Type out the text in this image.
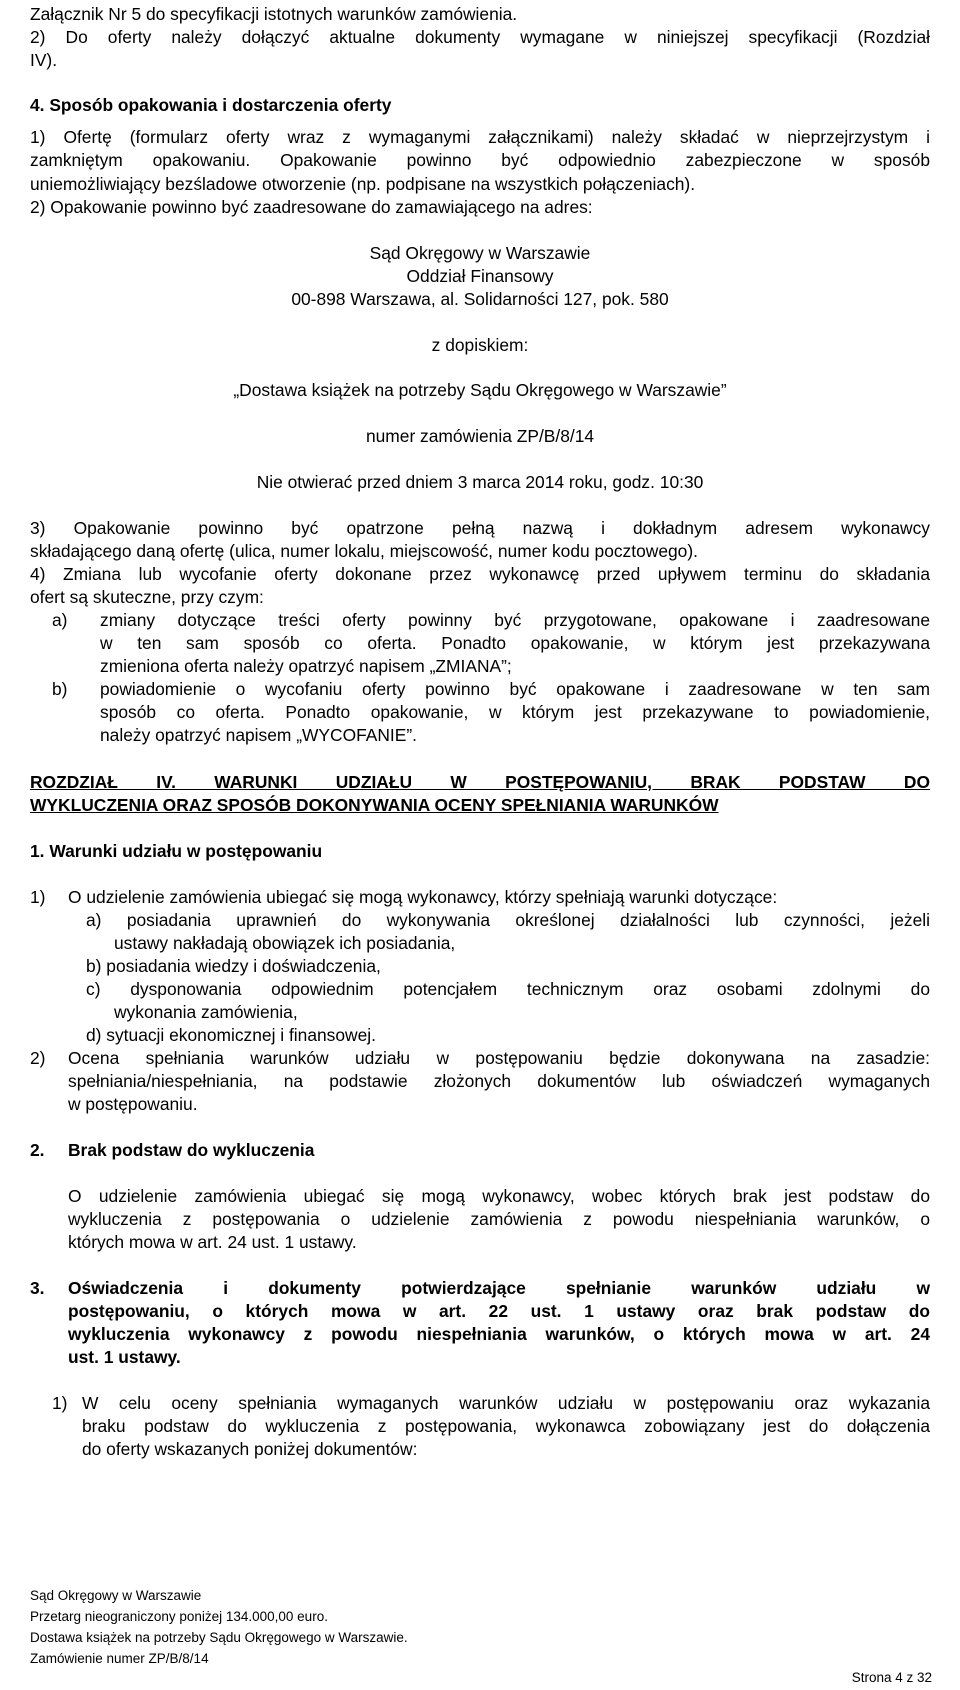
Załącznik Nr 5 do specyfikacji istotnych warunków zamówienia.
2) Do oferty należy dołączyć aktualne dokumenty wymagane w niniejszej specyfikacji (Rozdział
IV).
4. Sposób opakowania i dostarczenia oferty
1) Ofertę (formularz oferty wraz z wymaganymi załącznikami) należy składać w nieprzejrzystym i
zamkniętym opakowaniu. Opakowanie powinno być odpowiednio zabezpieczone w sposób
uniemożliwiający bezśladowe otworzenie (np. podpisane na wszystkich połączeniach).
2) Opakowanie powinno być zaadresowane do zamawiającego na adres:
Sąd Okręgowy w Warszawie
Oddział Finansowy
00-898 Warszawa, al. Solidarności 127, pok. 580
z dopiskiem:
„Dostawa książek na potrzeby Sądu Okręgowego w Warszawie”
numer zamówienia ZP/B/8/14
Nie otwierać przed dniem 3 marca 2014 roku, godz. 10:30
3) Opakowanie powinno być opatrzone pełną nazwą i dokładnym adresem wykonawcy
składającego daną ofertę (ulica, numer lokalu, miejscowość, numer kodu pocztowego).
4) Zmiana lub wycofanie oferty dokonane przez wykonawcę przed upływem terminu do składania
ofert są skuteczne, przy czym:
a) zmiany dotyczące treści oferty powinny być przygotowane, opakowane i zaadresowane
w ten sam sposób co oferta. Ponadto opakowanie, w którym jest przekazywana
zmieniona oferta należy opatrzyć napisem „ZMIANA”;
b) powiadomienie o wycofaniu oferty powinno być opakowane i zaadresowane w ten sam
sposób co oferta. Ponadto opakowanie, w którym jest przekazywane to powiadomienie,
należy opatrzyć napisem „WYCOFANIE”.
ROZDZIAŁ IV. WARUNKI UDZIAŁU W POSTĘPOWANIU, BRAK PODSTAW DO
WYKLUCZENIA ORAZ SPOSÓB DOKONYWANIA OCENY SPEŁNIANIA WARUNKÓW
1. Warunki udziału w postępowaniu
1) O udzielenie zamówienia ubiegać się mogą wykonawcy, którzy spełniają warunki dotyczące:
a) posiadania uprawnień do wykonywania określonej działalności lub czynności, jeżeli
ustawy nakładają obowiązek ich posiadania,
b) posiadania wiedzy i doświadczenia,
c) dysponowania odpowiednim potencjałem technicznym oraz osobami zdolnymi do
wykonania zamówienia,
d) sytuacji ekonomicznej i finansowej.
2) Ocena spełniania warunków udziału w postępowaniu będzie dokonywana na zasadzie:
spełniania/niespełniania, na podstawie złożonych dokumentów lub oświadczeń wymaganych
w postępowaniu.
2. Brak podstaw do wykluczenia
O udzielenie zamówienia ubiegać się mogą wykonawcy, wobec których brak jest podstaw do
wykluczenia z postępowania o udzielenie zamówienia z powodu niespełniania warunków, o
których mowa w art. 24 ust. 1 ustawy.
3. Oświadczenia i dokumenty potwierdzające spełnianie warunków udziału w
postępowaniu, o których mowa w art. 22 ust. 1 ustawy oraz brak podstaw do
wykluczenia wykonawcy z powodu niespełniania warunków, o których mowa w art. 24
ust. 1 ustawy.
1) W celu oceny spełniania wymaganych warunków udziału w postępowaniu oraz wykazania
braku podstaw do wykluczenia z postępowania, wykonawca zobowiązany jest do dołączenia
do oferty wskazanych poniżej dokumentów:
Sąd Okręgowy w Warszawie
Przetarg nieograniczony poniżej 134.000,00 euro.
Dostawa książek na potrzeby Sądu Okręgowego w Warszawie.
Zamówienie numer ZP/B/8/14
Strona 4 z 32
